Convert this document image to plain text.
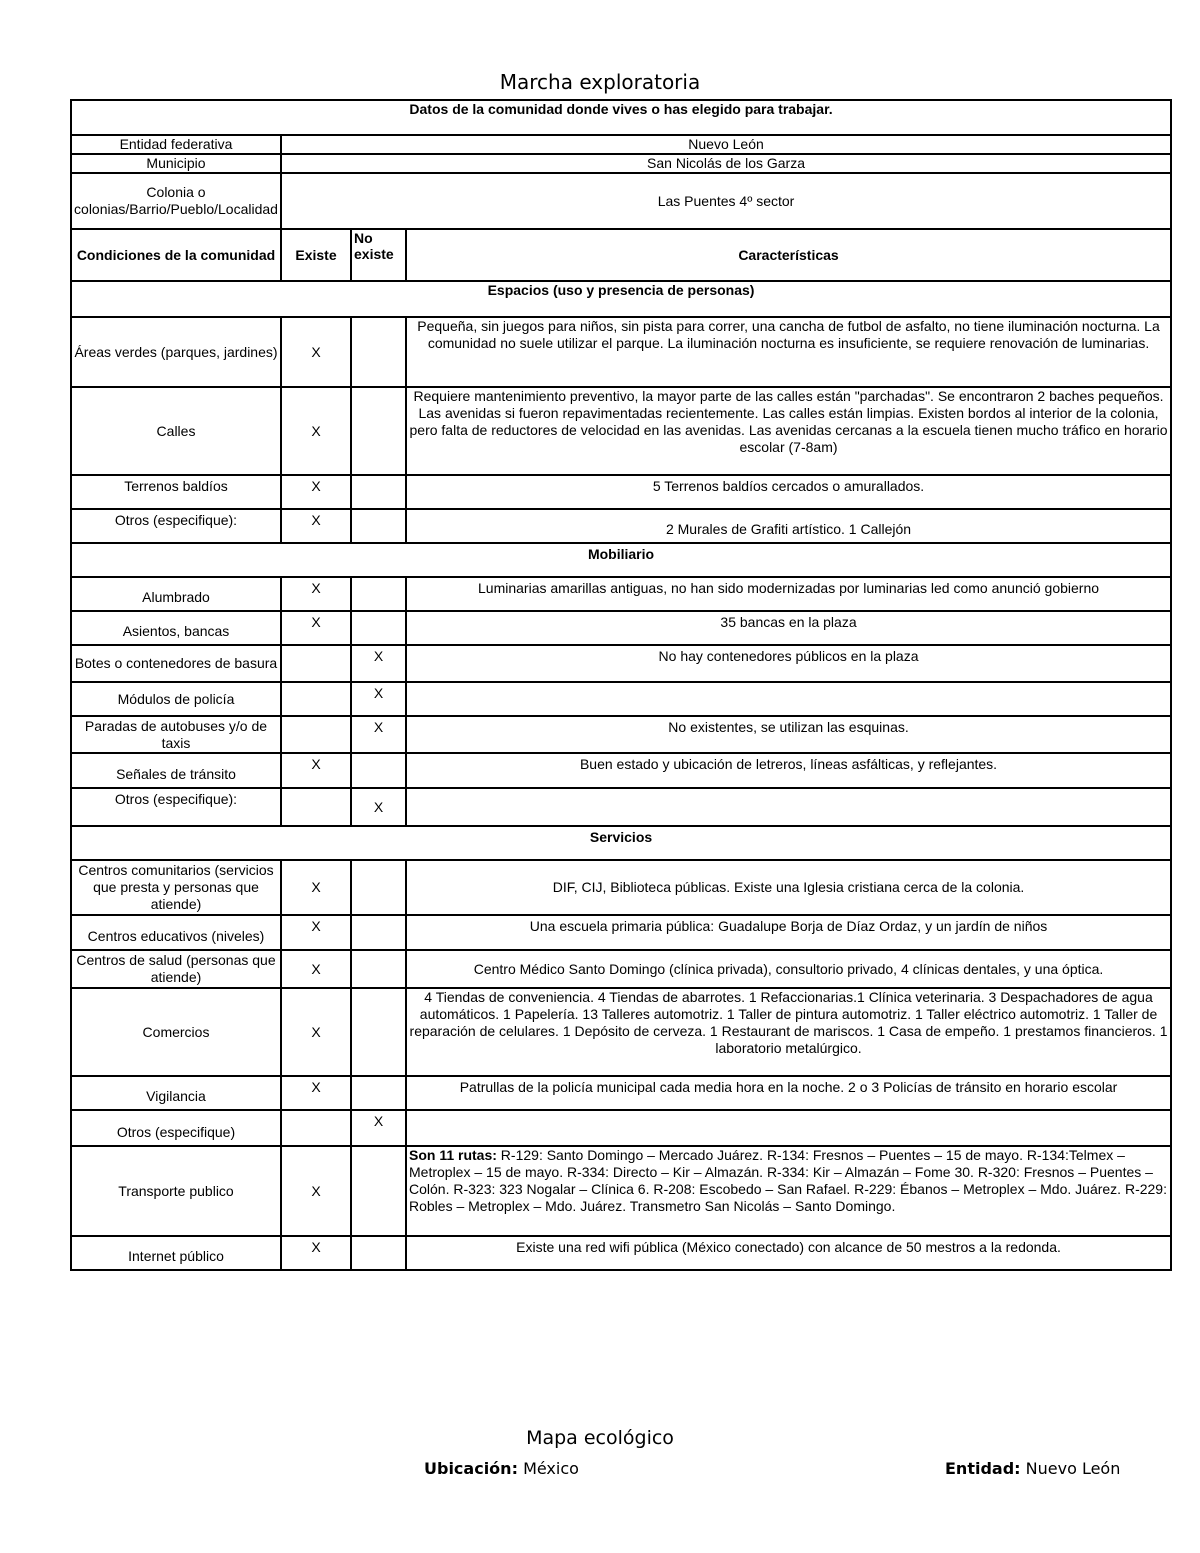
Marcha exploratoria
Datos de la comunidad donde vives o has elegido para trabajar.			
Entidad federativa	Nuevo León		
Municipio	San Nicolás de los Garza		
Colonia o colonias/Barrio/Pueblo/Localidad	Las Puentes 4º sector		
Condiciones de la comunidad	Existe	No existe	Características
Espacios (uso y presencia de personas)			
Áreas verdes (parques, jardines)	X		Pequeña, sin juegos para niños, sin pista para correr, una cancha de futbol de asfalto, no tiene iluminación nocturna. La comunidad no suele utilizar el parque. La iluminación nocturna es insuficiente, se requiere renovación de luminarias.
Calles	X		Requiere mantenimiento preventivo, la mayor parte de las calles están "parchadas". Se encontraron 2 baches pequeños. Las avenidas si fueron repavimentadas recientemente. Las calles están limpias. Existen bordos al interior de la colonia, pero falta de reductores de velocidad en las avenidas. Las avenidas cercanas a la escuela tienen mucho tráfico en horario escolar (7-8am)
Terrenos baldíos	X		5 Terrenos baldíos cercados o amurallados.
Otros (especifique):	X		2 Murales de Grafiti artístico. 1 Callejón
Mobiliario			
Alumbrado	X		Luminarias amarillas antiguas, no han sido modernizadas por luminarias led como anunció gobierno
Asientos, bancas	X		35 bancas en la plaza
Botes o contenedores de basura		X	No hay contenedores públicos en la plaza
Módulos de policía		X	
Paradas de autobuses y/o de taxis		X	No existentes, se utilizan las esquinas.
Señales de tránsito	X		Buen estado y ubicación de letreros, líneas asfálticas, y reflejantes.
Otros (especifique):		X	
Servicios			
Centros comunitarios (servicios que presta y personas que atiende)	X		DIF, CIJ, Biblioteca públicas. Existe una Iglesia cristiana cerca de la colonia.
Centros educativos (niveles)	X		Una escuela primaria pública: Guadalupe Borja de Díaz Ordaz, y un jardín de niños
Centros de salud (personas que atiende)	X		Centro Médico Santo Domingo (clínica privada), consultorio privado, 4 clínicas dentales, y una óptica.
Comercios	X		4 Tiendas de conveniencia. 4 Tiendas de abarrotes. 1 Refaccionarias.1 Clínica veterinaria. 3 Despachadores de agua automáticos. 1 Papelería. 13 Talleres automotriz. 1 Taller de pintura automotriz. 1 Taller eléctrico automotriz. 1 Taller de reparación de celulares. 1 Depósito de cerveza. 1 Restaurant de mariscos. 1 Casa de empeño. 1 prestamos financieros. 1 laboratorio metalúrgico.
Vigilancia	X		Patrullas de la policía municipal cada media hora en la noche. 2 o 3 Policías de tránsito en horario escolar
Otros (especifique)		X	
Transporte publico	X		Son 11 rutas: R-129: Santo Domingo – Mercado Juárez. R-134: Fresnos – Puentes – 15 de mayo. R-134:Telmex – Metroplex – 15 de mayo. R-334: Directo – Kir – Almazán. R-334: Kir – Almazán – Fome 30. R-320: Fresnos – Puentes – Colón. R-323: 323 Nogalar – Clínica 6. R-208: Escobedo – San Rafael. R-229: Ébanos – Metroplex – Mdo. Juárez. R-229: Robles – Metroplex – Mdo. Juárez. Transmetro San Nicolás – Santo Domingo.
Internet público	X		Existe una red wifi pública (México conectado) con alcance de 50 mestros a la redonda.
Mapa ecológico
Ubicación: México	Entidad: Nuevo León
